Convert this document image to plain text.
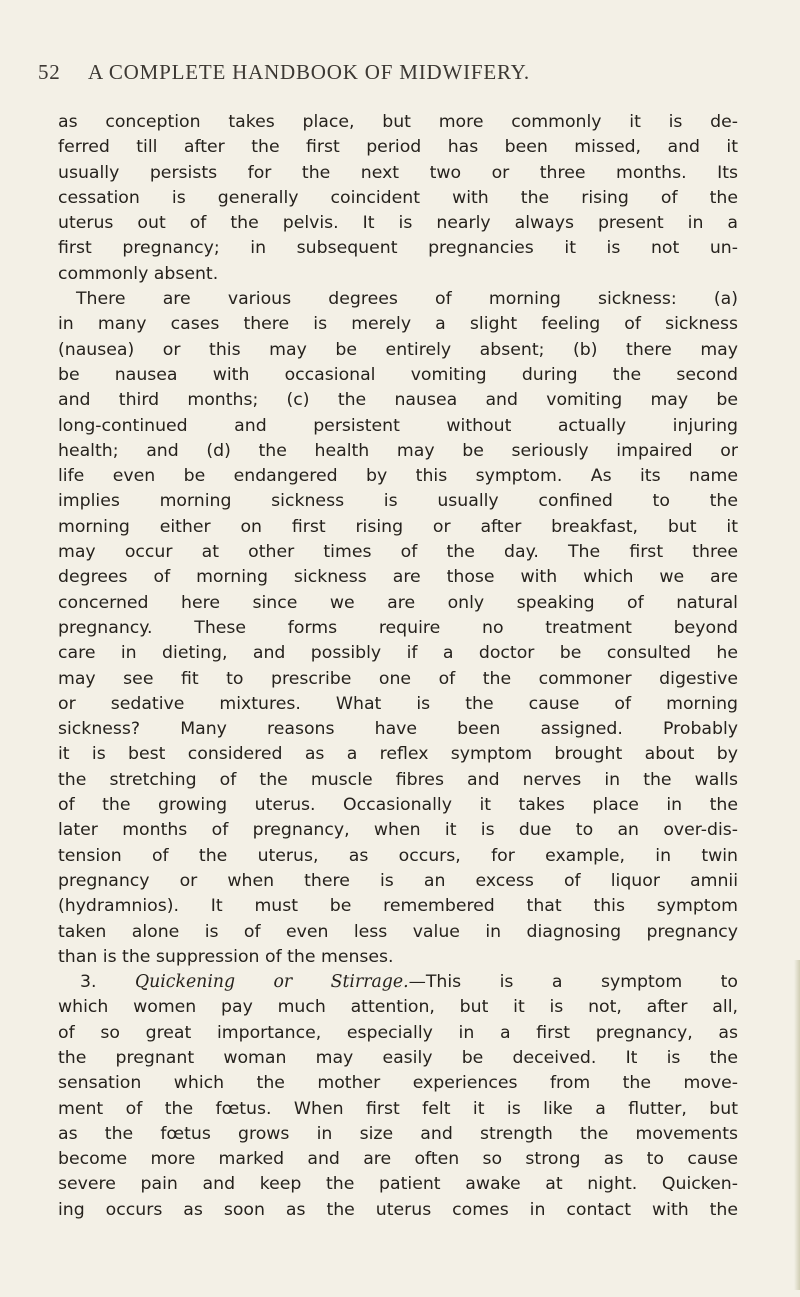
52 A COMPLETE HANDBOOK OF MIDWIFERY.
as conception takes place, but more commonly it is de-
ferred till after the first period has been missed, and it
usually persists for the next two or three months. Its
cessation is generally coincident with the rising of the
uterus out of the pelvis. It is nearly always present in a
first pregnancy; in subsequent pregnancies it is not un-
commonly absent.
There are various degrees of morning sickness: (a)
in many cases there is merely a slight feeling of sickness
(nausea) or this may be entirely absent; (b) there may
be nausea with occasional vomiting during the second
and third months; (c) the nausea and vomiting may be
long-continued and persistent without actually injuring
health; and (d) the health may be seriously impaired or
life even be endangered by this symptom. As its name
implies morning sickness is usually confined to the
morning either on first rising or after breakfast, but it
may occur at other times of the day. The first three
degrees of morning sickness are those with which we are
concerned here since we are only speaking of natural
pregnancy. These forms require no treatment beyond
care in dieting, and possibly if a doctor be consulted he
may see fit to prescribe one of the commoner digestive
or sedative mixtures. What is the cause of morning
sickness? Many reasons have been assigned. Probably
it is best considered as a reflex symptom brought about by
the stretching of the muscle fibres and nerves in the walls
of the growing uterus. Occasionally it takes place in the
later months of pregnancy, when it is due to an over-dis-
tension of the uterus, as occurs, for example, in twin
pregnancy or when there is an excess of liquor amnii
(hydramnios). It must be remembered that this symptom
taken alone is of even less value in diagnosing pregnancy
than is the suppression of the menses.
3. Quickening or Stirrage.—This is a symptom to
which women pay much attention, but it is not, after all,
of so great importance, especially in a first pregnancy, as
the pregnant woman may easily be deceived. It is the
sensation which the mother experiences from the move-
ment of the fœtus. When first felt it is like a flutter, but
as the fœtus grows in size and strength the movements
become more marked and are often so strong as to cause
severe pain and keep the patient awake at night. Quicken-
ing occurs as soon as the uterus comes in contact with the
